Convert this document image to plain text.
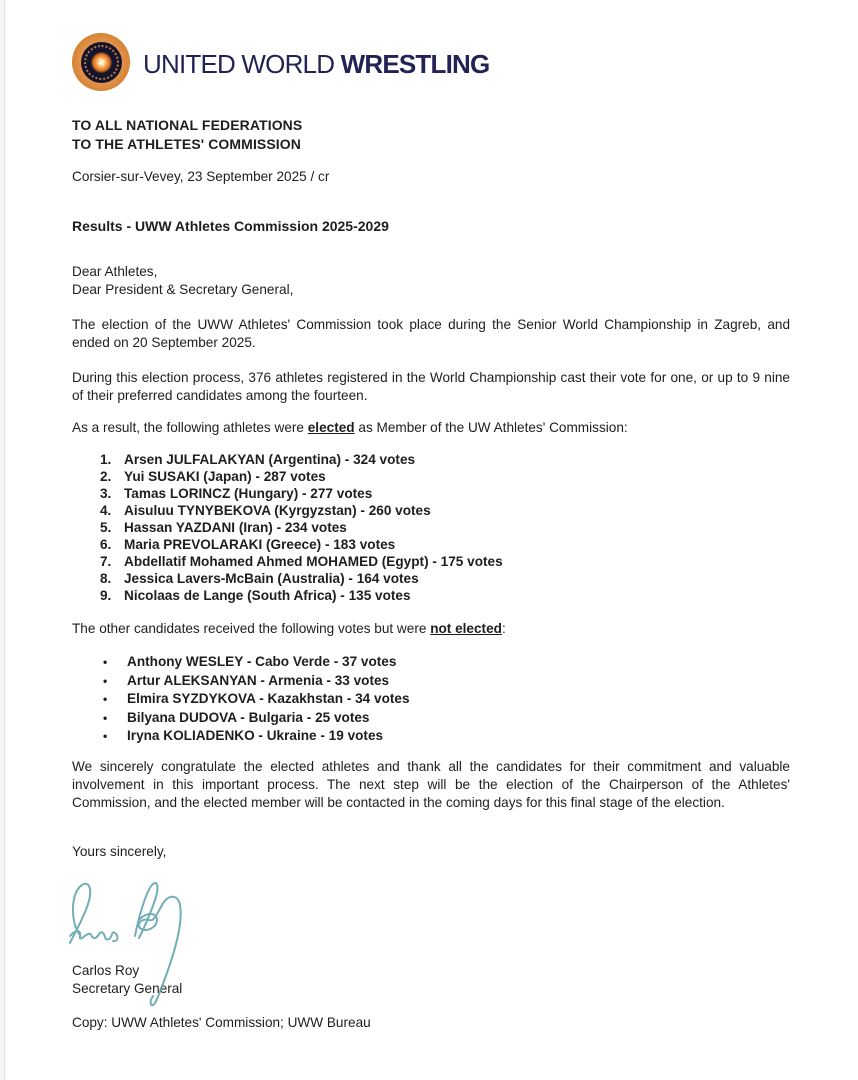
✕
UNITED WORLD WRESTLING
TO ALL NATIONAL FEDERATIONS
TO THE ATHLETES' COMMISSION
Corsier-sur-Vevey, 23 September 2025 / cr
Results - UWW Athletes Commission 2025-2029
Dear Athletes,
Dear President & Secretary General,
The election of the UWW Athletes' Commission took place during the Senior World Championship in Zagreb, and ended on 20 September 2025.
During this election process, 376 athletes registered in the World Championship cast their vote for one, or up to 9 nine of their preferred candidates among the fourteen.
As a result, the following athletes were elected as Member of the UW Athletes' Commission:
1. Arsen JULFALAKYAN (Argentina) - 324 votes
2. Yui SUSAKI (Japan) - 287 votes
3. Tamas LORINCZ (Hungary) - 277 votes
4. Aisuluu TYNYBEKOVA (Kyrgyzstan) - 260 votes
5. Hassan YAZDANI (Iran) - 234 votes
6. Maria PREVOLARAKI (Greece) - 183 votes
7. Abdellatif Mohamed Ahmed MOHAMED (Egypt) - 175 votes
8. Jessica Lavers-McBain (Australia) - 164 votes
9. Nicolaas de Lange (South Africa) - 135 votes
The other candidates received the following votes but were not elected:
•	Anthony WESLEY - Cabo Verde - 37 votes
•	Artur ALEKSANYAN - Armenia - 33 votes
•	Elmira SYZDYKOVA - Kazakhstan - 34 votes
•	Bilyana DUDOVA - Bulgaria - 25 votes
•	Iryna KOLIADENKO - Ukraine - 19 votes
We sincerely congratulate the elected athletes and thank all the candidates for their commitment and valuable involvement in this important process. The next step will be the election of the Chairperson of the Athletes' Commission, and the elected member will be contacted in the coming days for this final stage of the election.
Yours sincerely,
Carlos Roy
Secretary General
Copy: UWW Athletes' Commission; UWW Bureau
